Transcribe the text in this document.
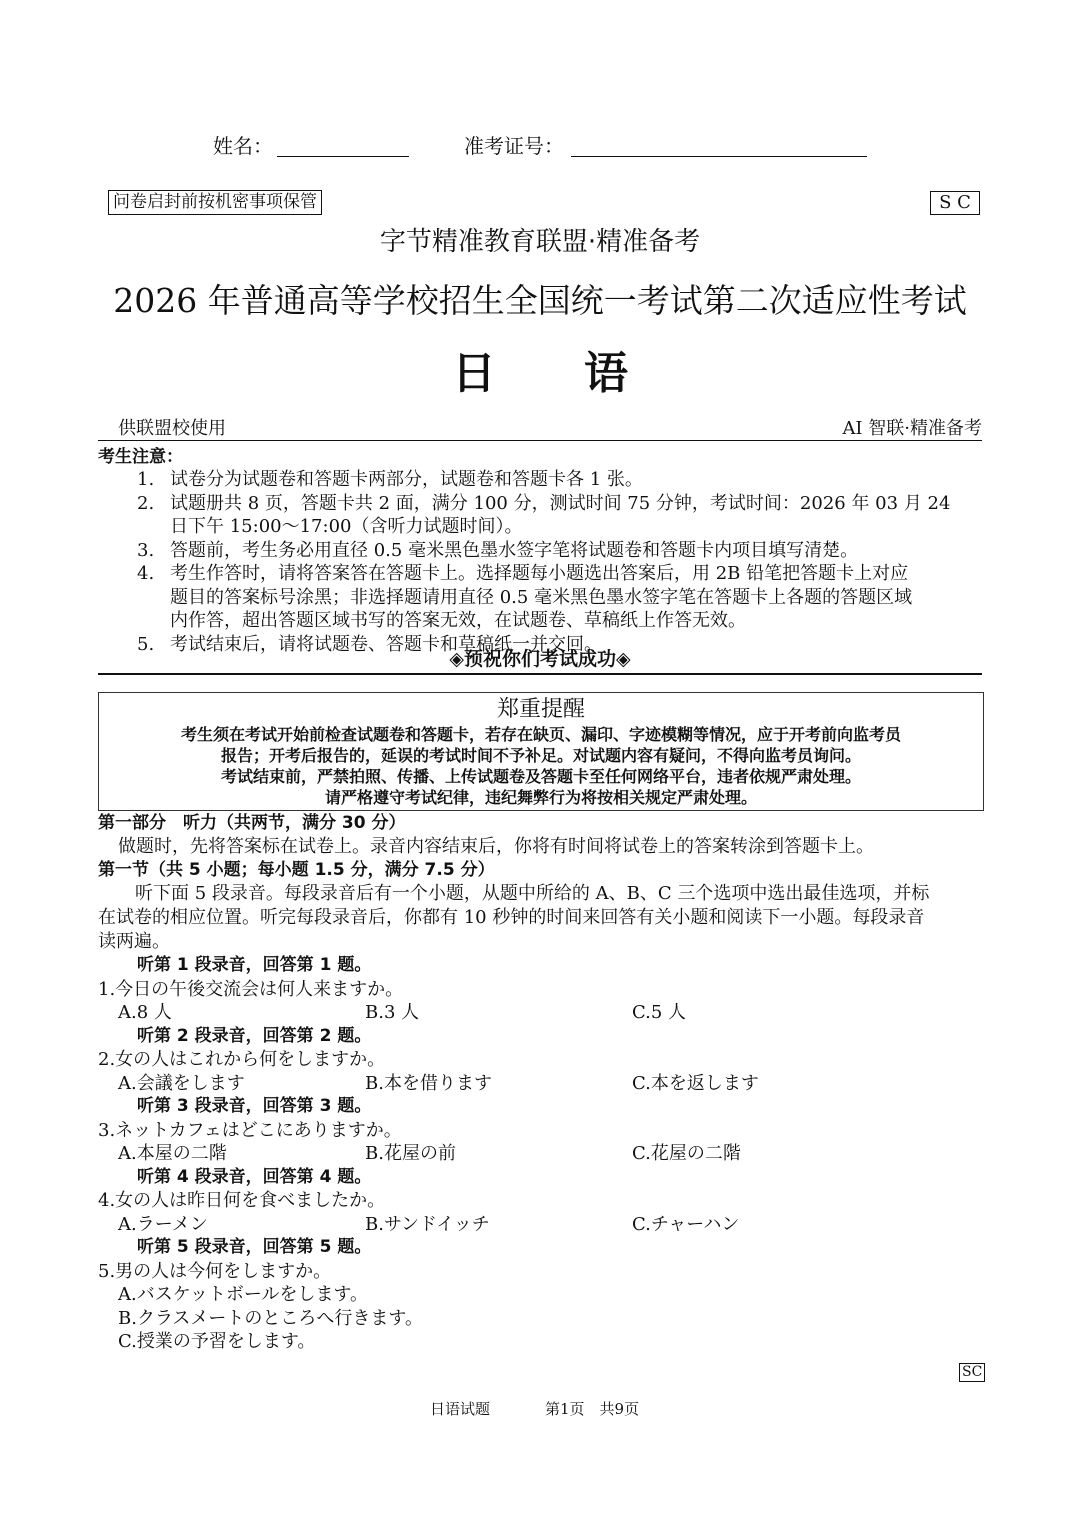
姓名：	准考证号：
问卷启封前按机密事项保管	S C
字节精准教育联盟·精准备考
2026 年普通高等学校招生全国统一考试第二次适应性考试
日　　语
供联盟校使用	AI 智联·精准备考
考生注意：
1. 试卷分为试题卷和答题卡两部分，试题卷和答题卡各 1 张。
2. 试题册共 8 页，答题卡共 2 面，满分 100 分，测试时间 75 分钟，考试时间：2026 年 03 月 24
日下午 15:00～17:00（含听力试题时间）。
3. 答题前，考生务必用直径 0.5 毫米黑色墨水签字笔将试题卷和答题卡内项目填写清楚。
4. 考生作答时，请将答案答在答题卡上。选择题每小题选出答案后，用 2B 铅笔把答题卡上对应
题目的答案标号涂黑；非选择题请用直径 0.5 毫米黑色墨水签字笔在答题卡上各题的答题区域
内作答，超出答题区域书写的答案无效，在试题卷、草稿纸上作答无效。
5. 考试结束后，请将试题卷、答题卡和草稿纸一并交回。
◈预祝你们考试成功◈
郑重提醒
考生须在考试开始前检查试题卷和答题卡，若存在缺页、漏印、字迹模糊等情况，应于开考前向监考员
报告；开考后报告的，延误的考试时间不予补足。对试题内容有疑问，不得向监考员询问。
考试结束前，严禁拍照、传播、上传试题卷及答题卡至任何网络平台，违者依规严肃处理。
请严格遵守考试纪律，违纪舞弊行为将按相关规定严肃处理。
第一部分　听力（共两节，满分 30 分）
做题时，先将答案标在试卷上。录音内容结束后，你将有时间将试卷上的答案转涂到答题卡上。
第一节（共 5 小题；每小题 1.5 分，满分 7.5 分）
听下面 5 段录音。每段录音后有一个小题，从题中所给的 A、B、C 三个选项中选出最佳选项，并标
在试卷的相应位置。听完每段录音后，你都有 10 秒钟的时间来回答有关小题和阅读下一小题。每段录音
读两遍。
听第 1 段录音，回答第 1 题。
1.今日の午後交流会は何人来ますか。
A.8 人	B.3 人	C.5 人
听第 2 段录音，回答第 2 题。
2.女の人はこれから何をしますか。
A.会議をします	B.本を借ります	C.本を返します
听第 3 段录音，回答第 3 题。
3.ネットカフェはどこにありますか。
A.本屋の二階	B.花屋の前	C.花屋の二階
听第 4 段录音，回答第 4 题。
4.女の人は昨日何を食べましたか。
A.ラーメン	B.サンドイッチ	C.チャーハン
听第 5 段录音，回答第 5 题。
5.男の人は今何をしますか。
A.バスケットボールをします。
B.クラスメートのところへ行きます。
C.授業の予習をします。
SC
日语试题	第1页　共9页
